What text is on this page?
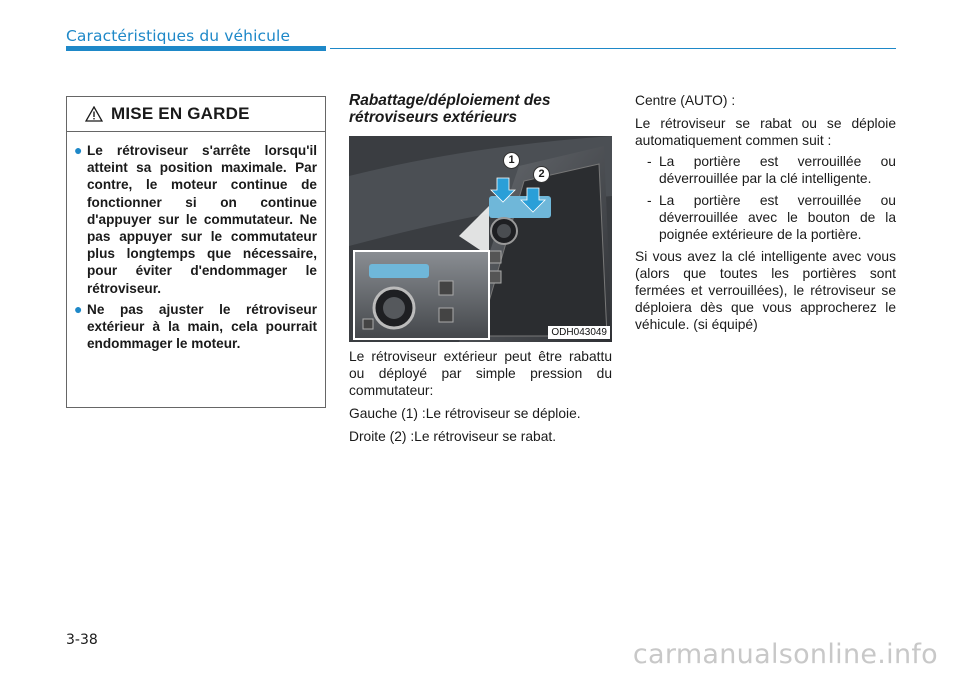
Caractéristiques du véhicule
MISE EN GARDE
● Le rétroviseur s'arrête lorsqu'il atteint sa position maximale. Par contre, le moteur continue de fonctionner si on continue d'appuyer sur le commutateur. Ne pas appuyer sur le commutateur plus longtemps que nécessaire, pour éviter d'endommager le rétroviseur.
● Ne pas ajuster le rétroviseur extérieur à la main, cela pourrait endommager le moteur.
Rabattage/déploiement des rétroviseurs extérieurs
1
2
ODH043049

Le rétroviseur extérieur peut être rabattu ou déployé par simple pression du commutateur:

Gauche (1) : Le rétroviseur se déploie.
Droite (2) : Le rétroviseur se rabat.

Centre (AUTO) :

Le rétroviseur se rabat ou se déploie automatiquement commen suit :

- La portière est verrouillée ou déverrouillée par la clé intelligente.
- La portière est verrouillée ou déverrouillée avec le bouton de la poignée extérieure de la portière.

Si vous avez la clé intelligente avec vous (alors que toutes les portières sont fermées et verrouillées), le rétroviseur se déploiera dès que vous approcherez le véhicule. (si équipé)

3-38	carmanualsonline.info
